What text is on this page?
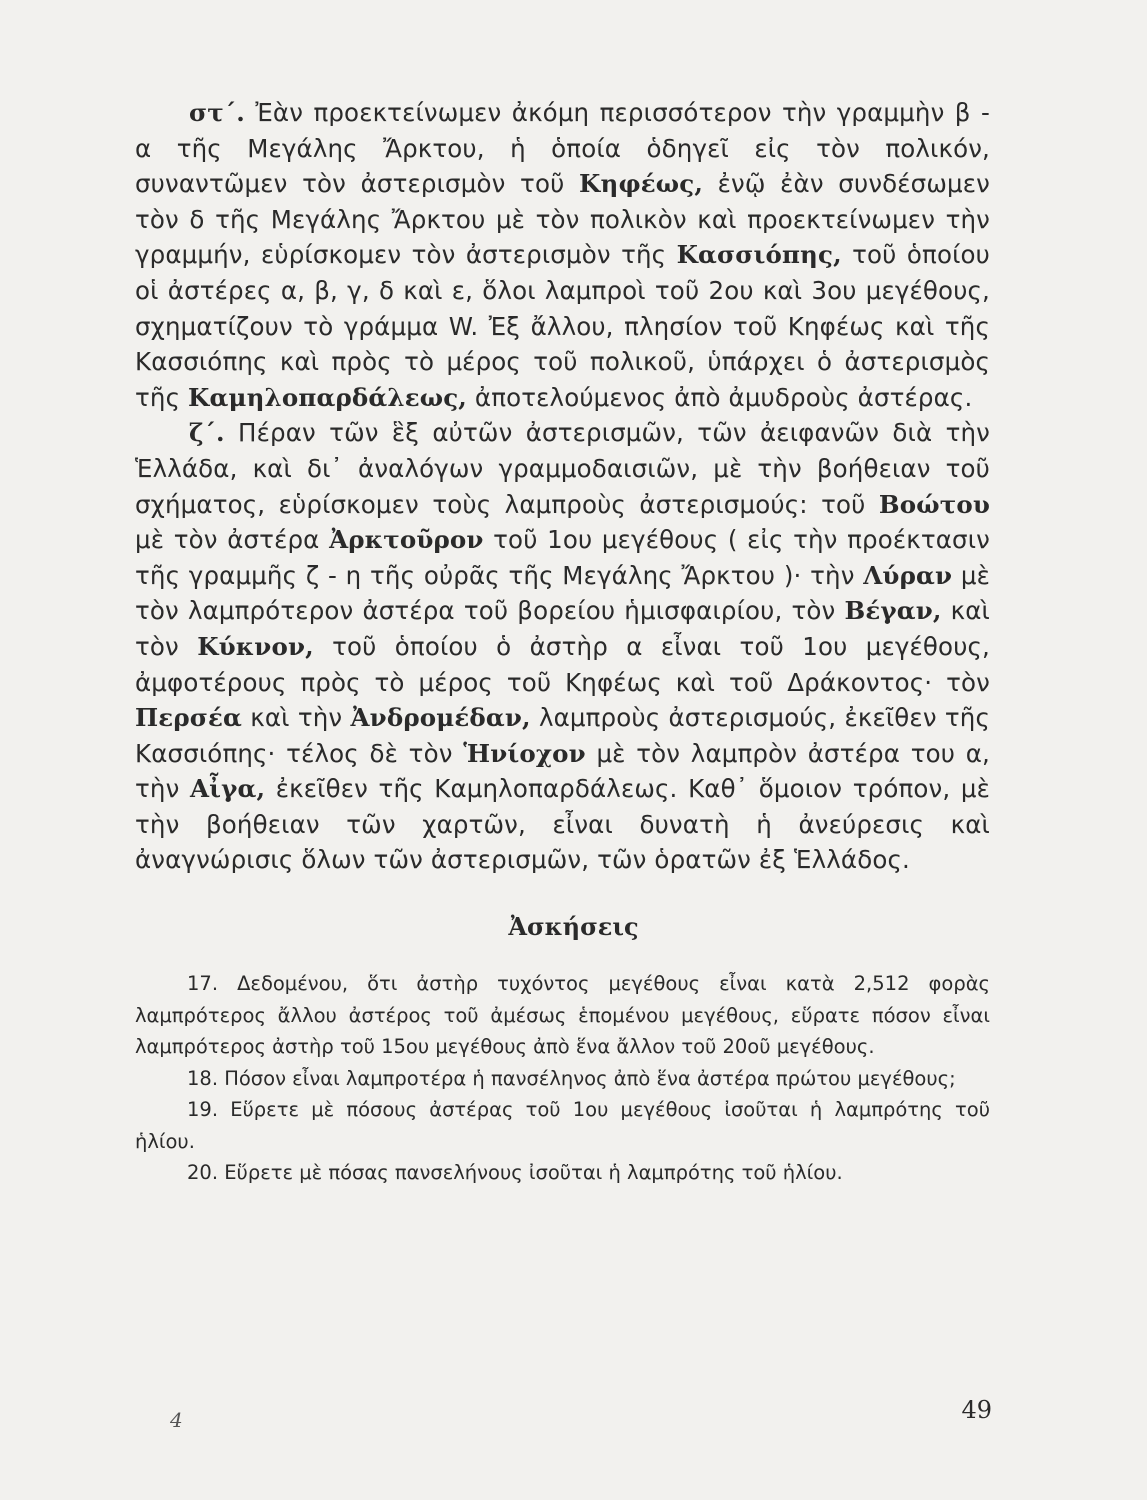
στ΄. Ἐὰν προεκτείνωμεν ἀκόμη περισσότερον τὴν γραμμὴν β - α τῆς Μεγάλης Ἄρκτου, ἡ ὁποία ὁδηγεῖ εἰς τὸν πολικόν, συναντῶμεν τὸν ἀστερισμὸν τοῦ Κηφέως, ἐνῷ ἐὰν συνδέσωμεν τὸν δ τῆς Μεγάλης Ἄρκτου μὲ τὸν πολικὸν καὶ προεκτείνωμεν τὴν γραμμήν, εὑρίσκομεν τὸν ἀστερισμὸν τῆς Κασσιόπης, τοῦ ὁποίου οἱ ἀστέρες α, β, γ, δ καὶ ε, ὅλοι λαμπροὶ τοῦ 2ου καὶ 3ου μεγέθους, σχηματίζουν τὸ γράμμα W. Ἐξ ἄλλου, πλησίον τοῦ Κηφέως καὶ τῆς Κασσιόπης καὶ πρὸς τὸ μέρος τοῦ πολικοῦ, ὑπάρχει ὁ ἀστερισμὸς τῆς Καμηλοπαρδάλεως, ἀποτελούμενος ἀπὸ ἀμυδροὺς ἀστέρας.

ζ΄. Πέραν τῶν ἓξ αὐτῶν ἀστερισμῶν, τῶν ἀειφανῶν διὰ τὴν Ἑλλάδα, καὶ δι᾿ ἀναλόγων γραμμοδαισιῶν, μὲ τὴν βοήθειαν τοῦ σχήματος, εὑρίσκομεν τοὺς λαμπροὺς ἀστερισμούς: τοῦ Βοώτου μὲ τὸν ἀστέρα Ἀρκτοῦρον τοῦ 1ου μεγέθους ( εἰς τὴν προέκτασιν τῆς γραμμῆς ζ - η τῆς οὐρᾶς τῆς Μεγάλης Ἄρκτου )· τὴν Λύραν μὲ τὸν λαμπρότερον ἀστέρα τοῦ βορείου ἡμισφαιρίου, τὸν Βέγαν, καὶ τὸν Κύκνον, τοῦ ὁποίου ὁ ἀστὴρ α εἶναι τοῦ 1ου μεγέθους, ἀμφοτέρους πρὸς τὸ μέρος τοῦ Κηφέως καὶ τοῦ Δράκοντος· τὸν Περσέα καὶ τὴν Ἀνδρομέδαν, λαμπροὺς ἀστερισμούς, ἐκεῖθεν τῆς Κασσιόπης· τέλος δὲ τὸν Ἡνίοχον μὲ τὸν λαμπρὸν ἀστέρα του α, τὴν Αἶγα, ἐκεῖθεν τῆς Καμηλοπαρδάλεως. Καθ᾿ ὅμοιον τρόπον, μὲ τὴν βοήθειαν τῶν χαρτῶν, εἶναι δυνατὴ ἡ ἀνεύρεσις καὶ ἀναγνώρισις ὅλων τῶν ἀστερισμῶν, τῶν ὁρατῶν ἐξ Ἑλλάδος.

Ἀσκήσεις

17. Δεδομένου, ὅτι ἀστὴρ τυχόντος μεγέθους εἶναι κατὰ 2,512 φορὰς λαμπρότερος ἄλλου ἀστέρος τοῦ ἀμέσως ἑπομένου μεγέθους, εὕρατε πόσον εἶναι λαμπρότερος ἀστὴρ τοῦ 15ου μεγέθους ἀπὸ ἕνα ἄλλον τοῦ 20οῦ μεγέθους.

18. Πόσον εἶναι λαμπροτέρα ἡ πανσέληνος ἀπὸ ἕνα ἀστέρα πρώτου μεγέθους;

19. Εὕρετε μὲ πόσους ἀστέρας τοῦ 1ου μεγέθους ἰσοῦται ἡ λαμπρότης τοῦ ἡλίου.

20. Εὕρετε μὲ πόσας πανσελήνους ἰσοῦται ἡ λαμπρότης τοῦ ἡλίου.

4	49
